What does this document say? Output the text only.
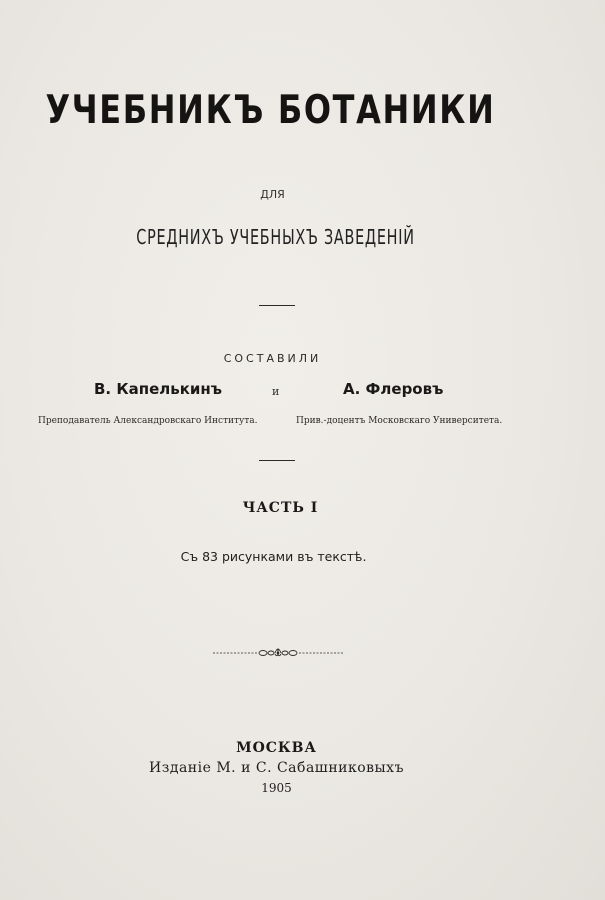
УЧЕБНИКЪ БОТАНИКИ
ДЛЯ
СРЕДНИХЪ УЧЕБНЫХЪ ЗАВЕДЕНIЙ
СОСТАВИЛИ
В. Капелькинъ	и	А. Флеровъ
Преподаватель Александровскаго Института.	Прив.-доцентъ Московскаго Университета.
ЧАСТЬ I
Съ 83 рисунками въ текстѣ.
МОСКВА
Изданiе М. и С. Сабашниковыхъ
1905
